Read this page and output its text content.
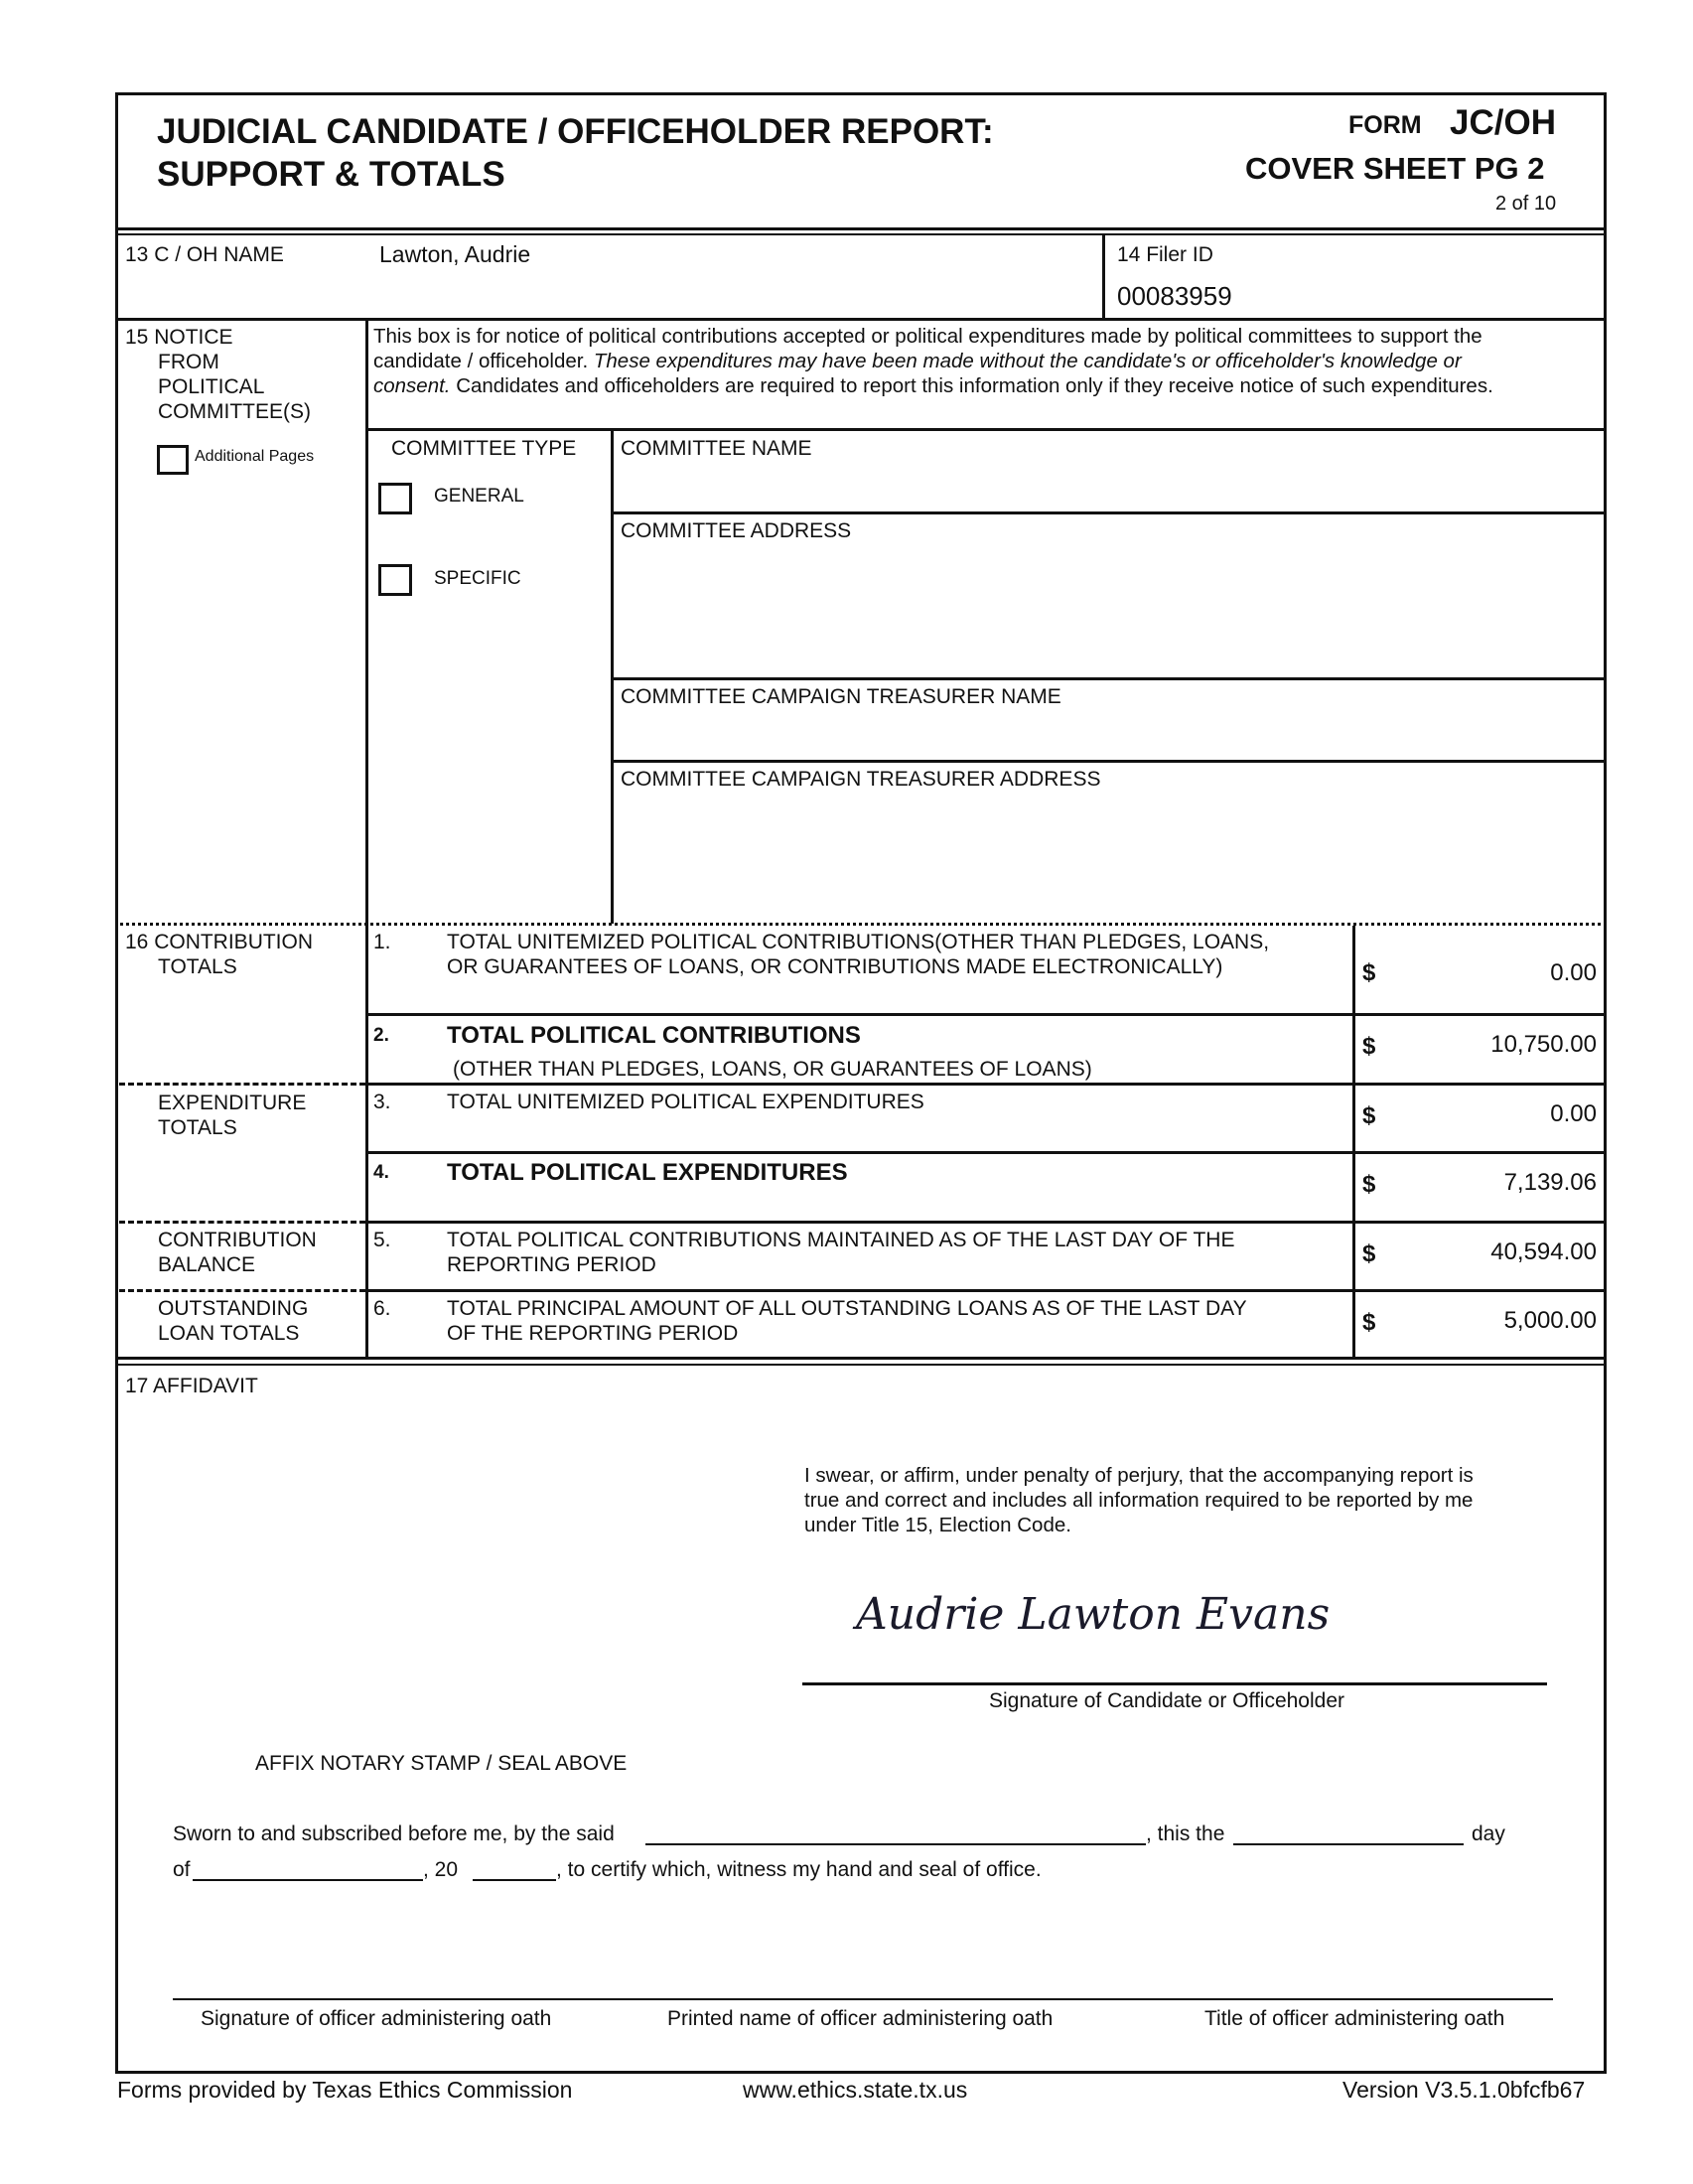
JUDICIAL CANDIDATE / OFFICEHOLDER REPORT:
SUPPORT & TOTALS
FORM JC/OH
COVER SHEET PG 2
2 of 10
13 C / OH NAME	Lawton, Audrie	14 Filer ID
00083959
15 NOTICE
FROM
POLITICAL
COMMITTEE(S)
Additional Pages
This box is for notice of political contributions accepted or political expenditures made by political committees to support the
candidate / officeholder. These expenditures may have been made without the candidate's or officeholder's knowledge or
consent. Candidates and officeholders are required to report this information only if they receive notice of such expenditures.
COMMITTEE TYPE
GENERAL
SPECIFIC
COMMITTEE NAME
COMMITTEE ADDRESS
COMMITTEE CAMPAIGN TREASURER NAME
COMMITTEE CAMPAIGN TREASURER ADDRESS
16 CONTRIBUTION
TOTALS
EXPENDITURE
TOTALS
CONTRIBUTION
BALANCE
OUTSTANDING
LOAN TOTALS
1.	TOTAL UNITEMIZED POLITICAL CONTRIBUTIONS(OTHER THAN PLEDGES, LOANS,
OR GUARANTEES OF LOANS, OR CONTRIBUTIONS MADE ELECTRONICALLY)	$	0.00
2. TOTAL POLITICAL CONTRIBUTIONS
(OTHER THAN PLEDGES, LOANS, OR GUARANTEES OF LOANS)
$	10,750.00
3.	TOTAL UNITEMIZED POLITICAL EXPENDITURES
$	0.00
4. TOTAL POLITICAL EXPENDITURES	$	7,139.06
5.	TOTAL POLITICAL CONTRIBUTIONS MAINTAINED AS OF THE LAST DAY OF THE
REPORTING PERIOD	$	40,594.00
6.	TOTAL PRINCIPAL AMOUNT OF ALL OUTSTANDING LOANS AS OF THE LAST DAY
OF THE REPORTING PERIOD	$	5,000.00
17 AFFIDAVIT
I swear, or affirm, under penalty of perjury, that the accompanying report is
true and correct and includes all information required to be reported by me
under Title 15, Election Code.
Audrie Lawton Evans
Signature of Candidate or Officeholder
AFFIX NOTARY STAMP / SEAL ABOVE
Sworn to and subscribed before me, by the said	, this the	day
of	, 20	, to certify which, witness my hand and seal of office.
Signature of officer administering oath	Printed name of officer administering oath	Title of officer administering oath
Forms provided by Texas Ethics Commission	www.ethics.state.tx.us	Version V3.5.1.0bfcfb67
